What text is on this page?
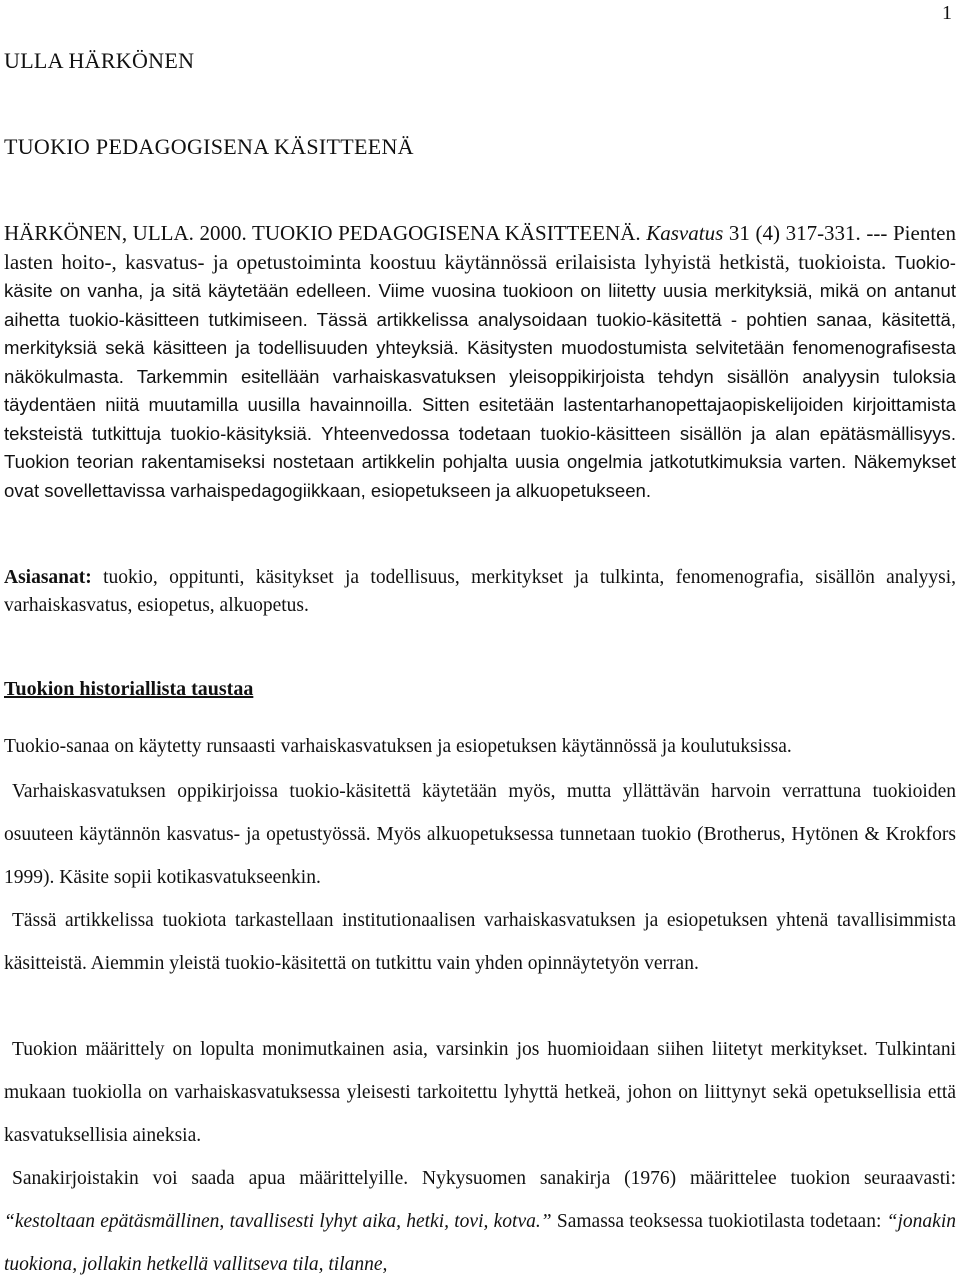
1
ULLA HÄRKÖNEN
TUOKIO PEDAGOGISENA KÄSITTEENÄ
HÄRKÖNEN, ULLA. 2000. TUOKIO PEDAGOGISENA KÄSITTEENÄ. Kasvatus 31 (4) 317-331. --- Pienten lasten hoito-, kasvatus- ja opetustoiminta koostuu käytännössä erilaisista lyhyistä hetkistä, tuokioista. Tuokio-käsite on vanha, ja sitä käytetään edelleen. Viime vuosina tuokioon on liitetty uusia merkityksiä, mikä on antanut aihetta tuokio-käsitteen tutkimiseen. Tässä artikkelissa analysoidaan tuokio-käsitettä - pohtien sanaa, käsitettä, merkityksiä sekä käsitteen ja todellisuuden yhteyksiä. Käsitysten muodostumista selvitetään fenomenografisesta näkökulmasta. Tarkemmin esitellään varhaiskasvatuksen yleisoppikirjoista tehdyn sisällön analyysin tuloksia täydentäen niitä muutamilla uusilla havainnoilla. Sitten esitetään lastentarhanopettajaopiskelijoiden kirjoittamista teksteistä tutkittuja tuokio-käsityksiä. Yhteenvedossa todetaan tuokio-käsitteen sisällön ja alan epätäsmällisyys. Tuokion teorian rakentamiseksi nostetaan artikkelin pohjalta uusia ongelmia jatkotutkimuksia varten. Näkemykset ovat sovellettavissa varhaispedagogiikkaan, esiopetukseen ja alkuopetukseen.
Asiasanat: tuokio, oppitunti, käsitykset ja todellisuus, merkitykset ja tulkinta, fenomenografia, sisällön analyysi, varhaiskasvatus, esiopetus, alkuopetus.
Tuokion historiallista taustaa
Tuokio-sanaa on käytetty runsaasti varhaiskasvatuksen ja esiopetuksen käytännössä ja koulutuksissa.
Varhaiskasvatuksen oppikirjoissa tuokio-käsitettä käytetään myös, mutta yllättävän harvoin verrattuna tuokioiden osuuteen käytännön kasvatus- ja opetustyössä. Myös alkuopetuksessa tunnetaan tuokio (Brotherus, Hytönen & Krokfors 1999). Käsite sopii kotikasvatukseenkin.
Tässä artikkelissa tuokiota tarkastellaan institutionaalisen varhaiskasvatuksen ja esiopetuksen yhtenä tavallisimmista käsitteistä. Aiemmin yleistä tuokio-käsitettä on tutkittu vain yhden opinnäytetyön verran.
Tuokion määrittely on lopulta monimutkainen asia, varsinkin jos huomioidaan siihen liitetyt merkitykset. Tulkintani mukaan tuokiolla on varhaiskasvatuksessa yleisesti tarkoitettu lyhyttä hetkeä, johon on liittynyt sekä opetuksellisia että kasvatuksellisia aineksia.
Sanakirjoistakin voi saada apua määrittelyille. Nykysuomen sanakirja (1976) määrittelee tuokion seuraavasti: “kestoltaan epätäsmällinen, tavallisesti lyhyt aika, hetki, tovi, kotva.” Samassa teoksessa tuokiotilasta todetaan: “jonakin tuokiona, jollakin hetkellä vallitseva tila, tilanne,
